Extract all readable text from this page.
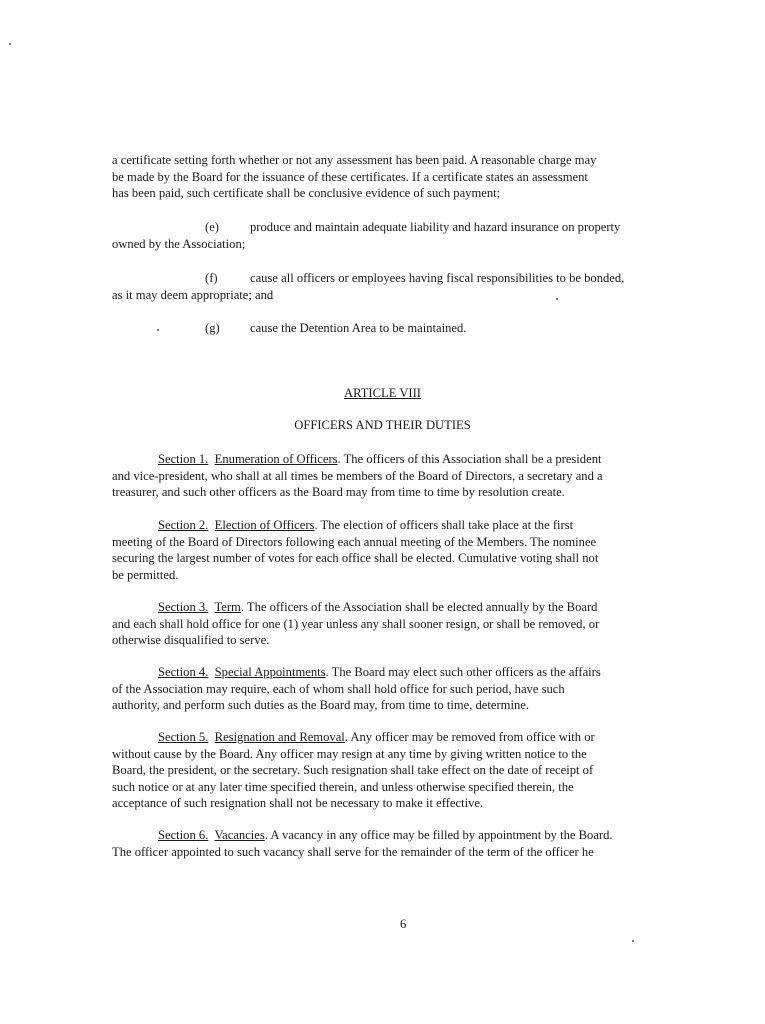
a certificate setting forth whether or not any assessment has been paid. A reasonable charge may
be made by the Board for the issuance of these certificates. If a certificate states an assessment
has been paid, such certificate shall be conclusive evidence of such payment;
(e) produce and maintain adequate liability and hazard insurance on property
owned by the Association;
(f)	cause all officers or employees having fiscal responsibilities to be bonded,
as it may deem appropriate; and
(g) cause the Detention Area to be maintained.
ARTICLE VIII
OFFICERS AND THEIR DUTIES
Section 1. Enumeration of Officers. The officers of this Association shall be a president
and vice-president, who shall at all times be members of the Board of Directors, a secretary and a
treasurer, and such other officers as the Board may from time to time by resolution create.
Section 2. Election of Officers. The election of officers shall take place at the first
meeting of the Board of Directors following each annual meeting of the Members. The nominee
securing the largest number of votes for each office shall be elected. Cumulative voting shall not
be permitted.
Section 3. Term. The officers of the Association shall be elected annually by the Board
and each shall hold office for one (1) year unless any shall sooner resign, or shall be removed, or
otherwise disqualified to serve.
Section 4. Special Appointments. The Board may elect such other officers as the affairs
of the Association may require, each of whom shall hold office for such period, have such
authority, and perform such duties as the Board may, from time to time, determine.
Section 5. Resignation and Removal. Any officer may be removed from office with or
without cause by the Board. Any officer may resign at any time by giving written notice to the
Board, the president, or the secretary. Such resignation shall take effect on the date of receipt of
such notice or at any later time specified therein, and unless otherwise specified therein, the
acceptance of such resignation shall not be necessary to make it effective.
Section 6. Vacancies. A vacancy in any office may be filled by appointment by the Board.
The officer appointed to such vacancy shall serve for the remainder of the term of the officer he
6
